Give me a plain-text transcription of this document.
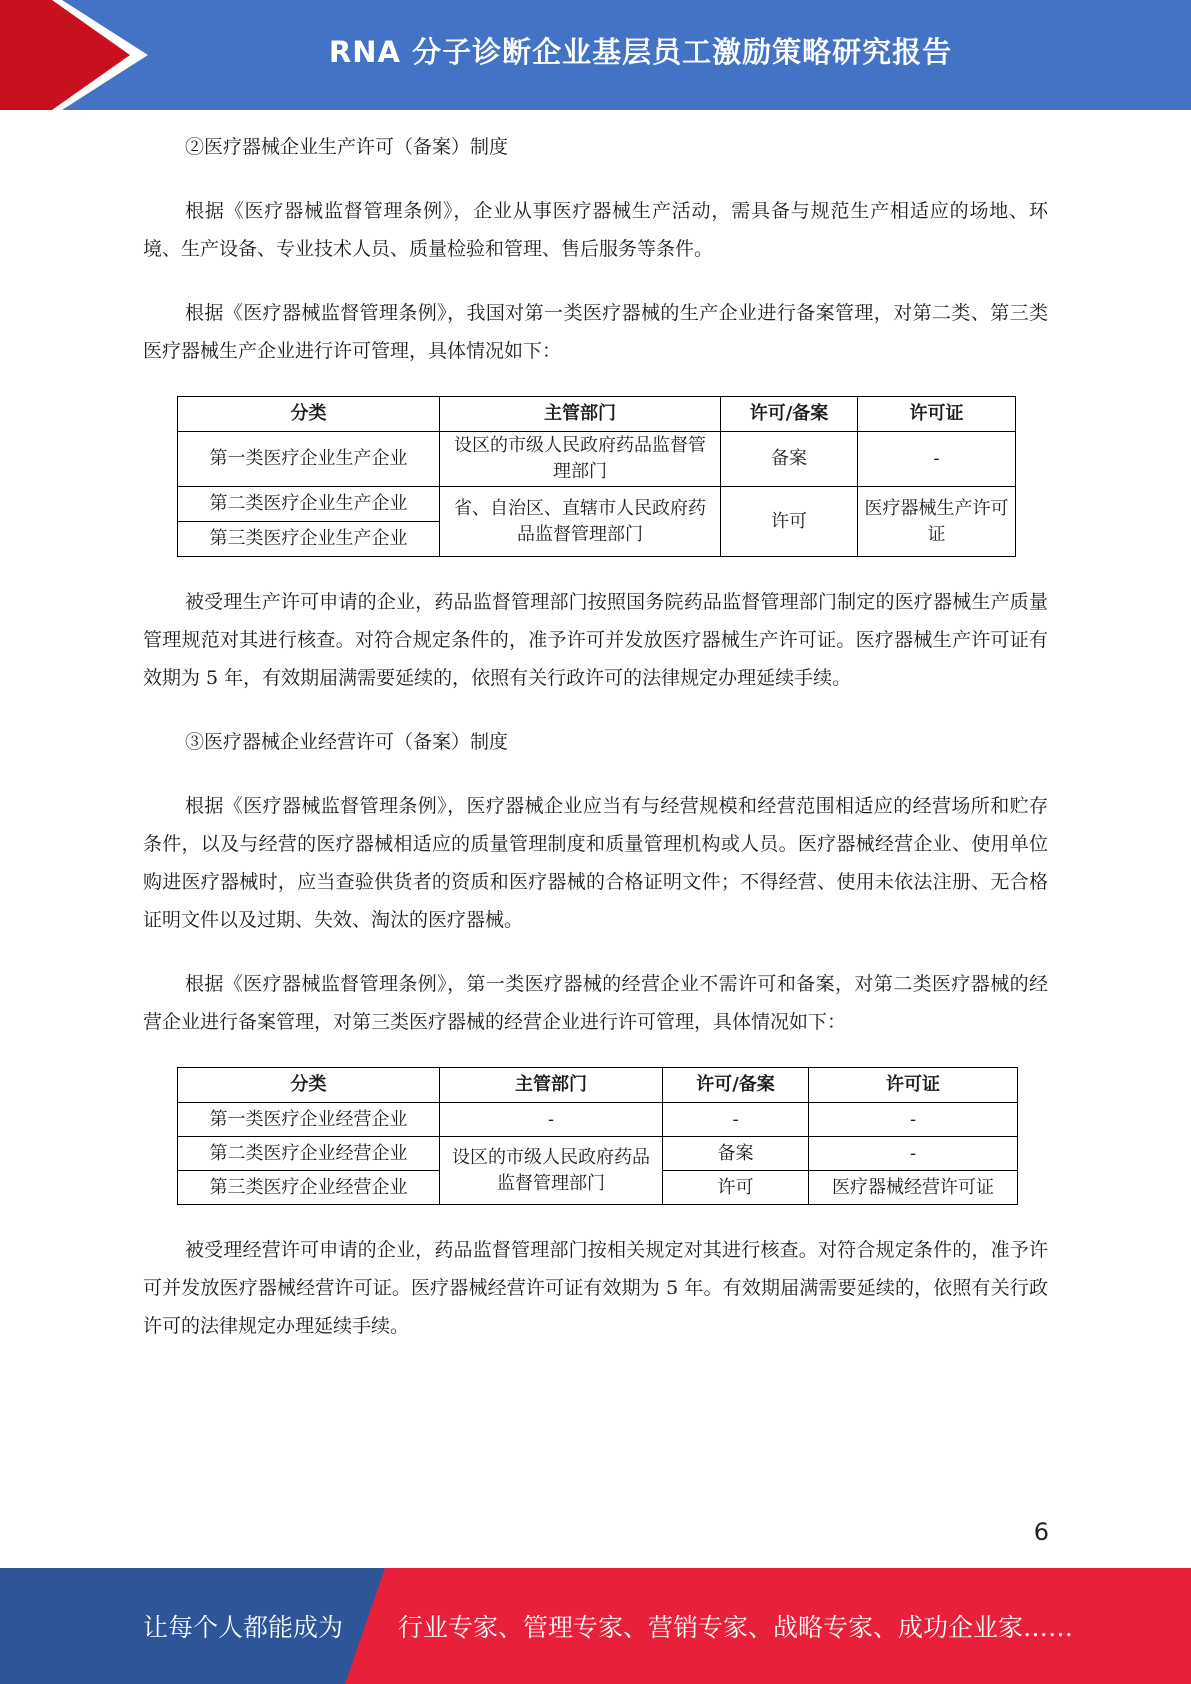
RNA 分子诊断企业基层员工激励策略研究报告

②医疗器械企业生产许可（备案）制度

根据《医疗器械监督管理条例》，企业从事医疗器械生产活动，需具备与规范生产相适应的场地、环境、生产设备、专业技术人员、质量检验和管理、售后服务等条件。

根据《医疗器械监督管理条例》，我国对第一类医疗器械的生产企业进行备案管理，对第二类、第三类医疗器械生产企业进行许可管理，具体情况如下：

分类	主管部门	许可/备案	许可证
第一类医疗企业生产企业	设区的市级人民政府药品监督管理部门	备案	-
第二类医疗企业生产企业	省、自治区、直辖市人民政府药品监督管理部门	许可	医疗器械生产许可证
第三类医疗企业生产企业			

被受理生产许可申请的企业，药品监督管理部门按照国务院药品监督管理部门制定的医疗器械生产质量管理规范对其进行核查。对符合规定条件的，准予许可并发放医疗器械生产许可证。医疗器械生产许可证有效期为 5 年，有效期届满需要延续的，依照有关行政许可的法律规定办理延续手续。

③医疗器械企业经营许可（备案）制度

根据《医疗器械监督管理条例》，医疗器械企业应当有与经营规模和经营范围相适应的经营场所和贮存条件，以及与经营的医疗器械相适应的质量管理制度和质量管理机构或人员。医疗器械经营企业、使用单位购进医疗器械时，应当查验供货者的资质和医疗器械的合格证明文件；不得经营、使用未依法注册、无合格证明文件以及过期、失效、淘汰的医疗器械。

根据《医疗器械监督管理条例》，第一类医疗器械的经营企业不需许可和备案，对第二类医疗器械的经营企业进行备案管理，对第三类医疗器械的经营企业进行许可管理，具体情况如下：

分类	主管部门	许可/备案	许可证
第一类医疗企业经营企业	-	-	-
第二类医疗企业经营企业	设区的市级人民政府药品监督管理部门	备案	-
第三类医疗企业经营企业		许可	医疗器械经营许可证

被受理经营许可申请的企业，药品监督管理部门按相关规定对其进行核查。对符合规定条件的，准予许可并发放医疗器械经营许可证。医疗器械经营许可证有效期为 5 年。有效期届满需要延续的，依照有关行政许可的法律规定办理延续手续。

6
让每个人都能成为 行业专家、管理专家、营销专家、战略专家、成功企业家……
